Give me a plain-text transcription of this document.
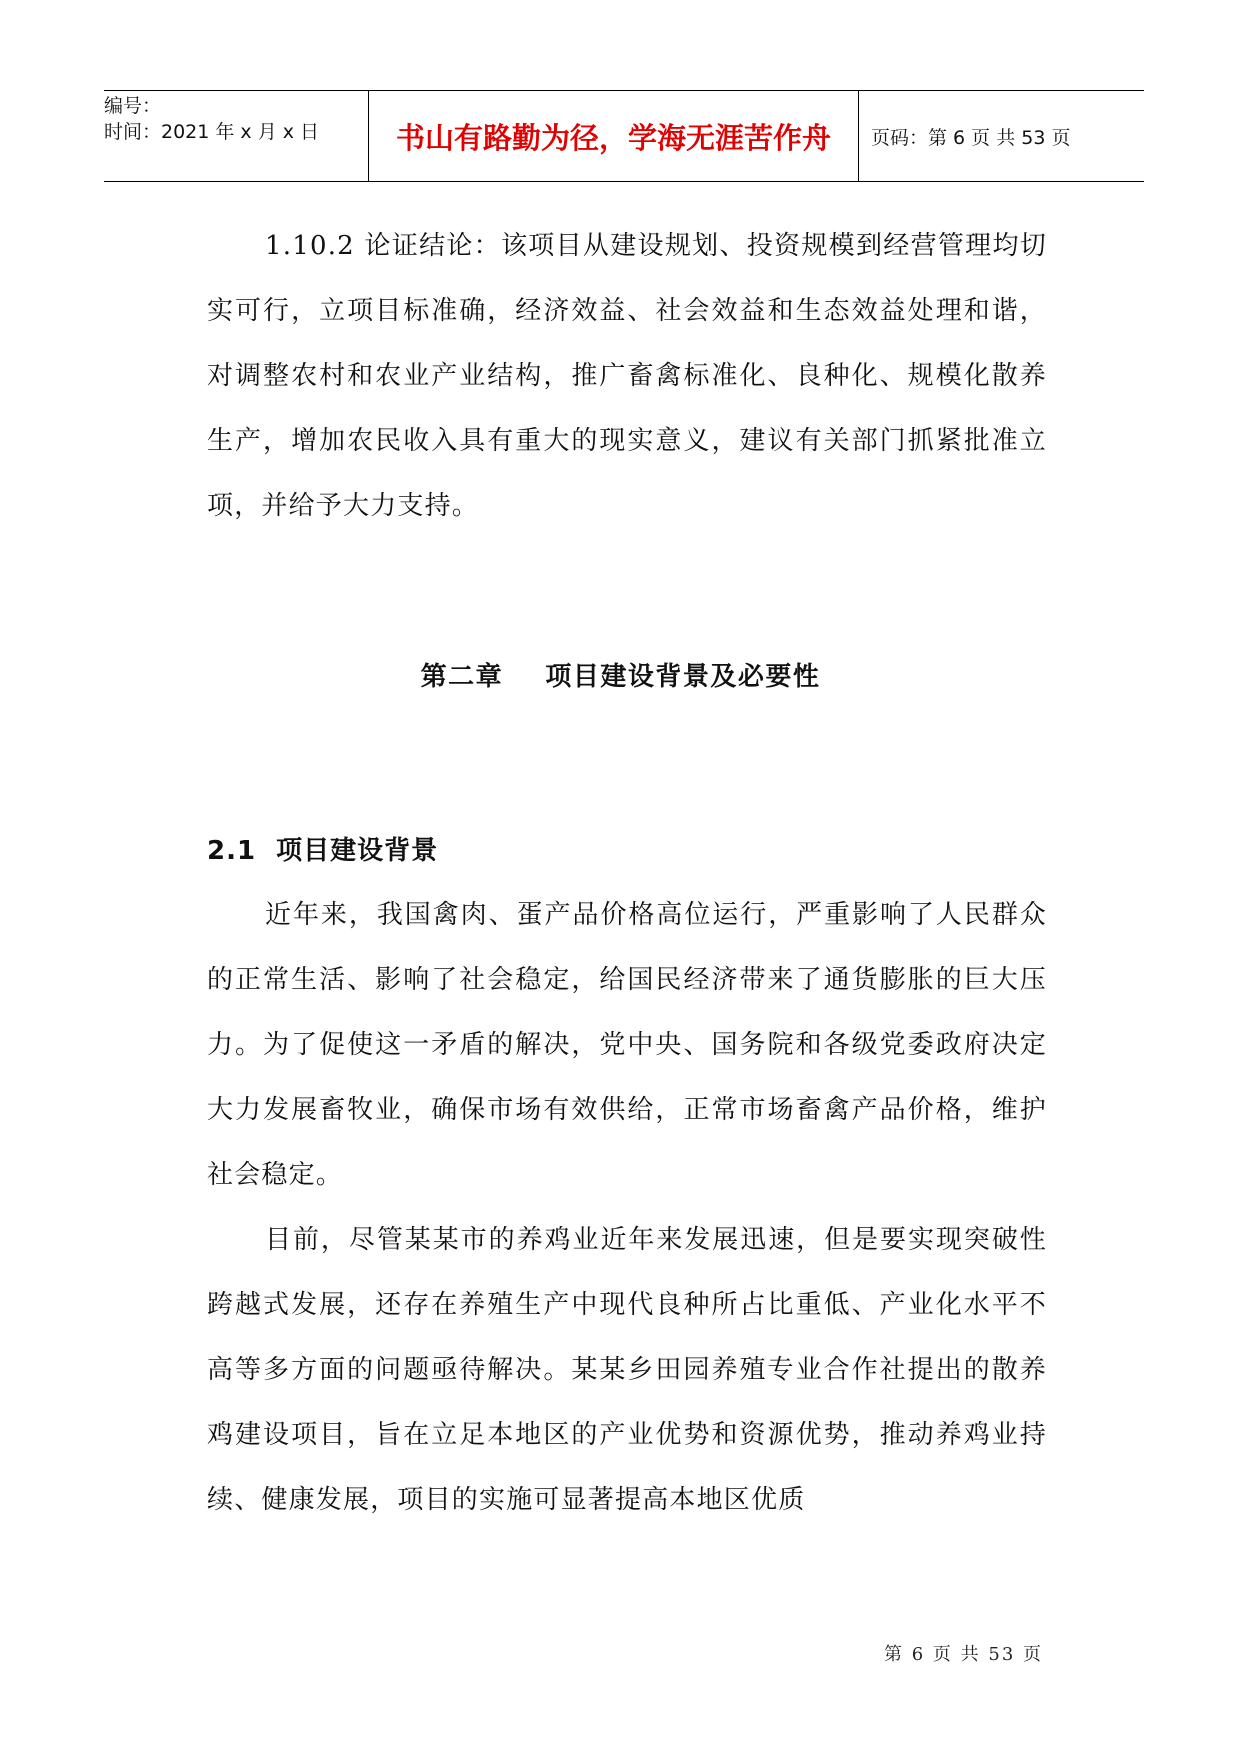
编号：
时间：2021 年 x 月 x 日	书山有路勤为径，学海无涯苦作舟 页码：第 6 页 共 53 页

1.10.2 论证结论：该项目从建设规划、投资规模到经营管理均切实可行，立项目标准确，经济效益、社会效益和生态效益处理和谐，对调整农村和农业产业结构，推广畜禽标准化、良种化、规模化散养生产，增加农民收入具有重大的现实意义，建议有关部门抓紧批准立项，并给予大力支持。

第二章    项目建设背景及必要性
2.1  项目建设背景

近年来，我国禽肉、蛋产品价格高位运行，严重影响了人民群众的正常生活、影响了社会稳定，给国民经济带来了通货膨胀的巨大压力。为了促使这一矛盾的解决，党中央、国务院和各级党委政府决定大力发展畜牧业，确保市场有效供给，正常市场畜禽产品价格，维护社会稳定。

目前，尽管某某市的养鸡业近年来发展迅速，但是要实现突破性跨越式发展，还存在养殖生产中现代良种所占比重低、产业化水平不高等多方面的问题亟待解决。某某乡田园养殖专业合作社提出的散养鸡建设项目，旨在立足本地区的产业优势和资源优势，推动养鸡业持续、健康发展，项目的实施可显著提高本地区优质

第 6 页 共 53 页
